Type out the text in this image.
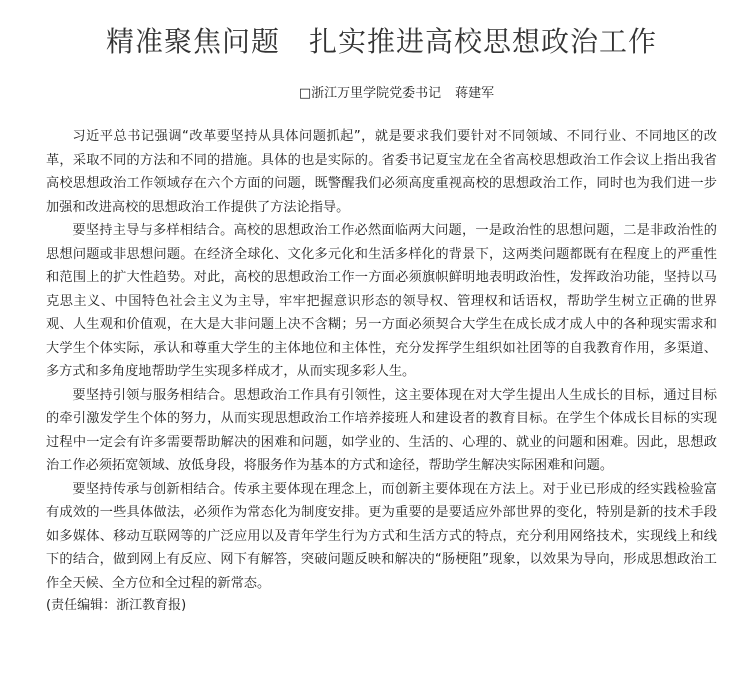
精准聚焦问题　扎实推进高校思想政治工作
□浙江万里学院党委书记 蒋建军

习近平总书记强调“改革要坚持从具体问题抓起”，就是要求我们要针对不同领域、不同行业、不同地区的改革，采取不同的方法和不同的措施。具体的也是实际的。省委书记夏宝龙在全省高校思想政治工作会议上指出我省高校思想政治工作领域存在六个方面的问题，既警醒我们必须高度重视高校的思想政治工作，同时也为我们进一步加强和改进高校的思想政治工作提供了方法论指导。

要坚持主导与多样相结合。高校的思想政治工作必然面临两大问题，一是政治性的思想问题，二是非政治性的思想问题或非思想问题。在经济全球化、文化多元化和生活多样化的背景下，这两类问题都既有在程度上的严重性和范围上的扩大性趋势。对此，高校的思想政治工作一方面必须旗帜鲜明地表明政治性，发挥政治功能，坚持以马克思主义、中国特色社会主义为主导，牢牢把握意识形态的领导权、管理权和话语权，帮助学生树立正确的世界观、人生观和价值观，在大是大非问题上决不含糊；另一方面必须契合大学生在成长成才成人中的各种现实需求和大学生个体实际，承认和尊重大学生的主体地位和主体性，充分发挥学生组织如社团等的自我教育作用，多渠道、多方式和多角度地帮助学生实现多样成才，从而实现多彩人生。

要坚持引领与服务相结合。思想政治工作具有引领性，这主要体现在对大学生提出人生成长的目标，通过目标的牵引激发学生个体的努力，从而实现思想政治工作培养接班人和建设者的教育目标。在学生个体成长目标的实现过程中一定会有许多需要帮助解决的困难和问题，如学业的、生活的、心理的、就业的问题和困难。因此，思想政治工作必须拓宽领域、放低身段，将服务作为基本的方式和途径，帮助学生解决实际困难和问题。

要坚持传承与创新相结合。传承主要体现在理念上，而创新主要体现在方法上。对于业已形成的经实践检验富有成效的一些具体做法，必须作为常态化为制度安排。更为重要的是要适应外部世界的变化，特别是新的技术手段如多媒体、移动互联网等的广泛应用以及青年学生行为方式和生活方式的特点，充分利用网络技术，实现线上和线下的结合，做到网上有反应、网下有解答，突破问题反映和解决的“肠梗阻”现象，以效果为导向，形成思想政治工作全天候、全方位和全过程的新常态。

(责任编辑：浙江教育报)
